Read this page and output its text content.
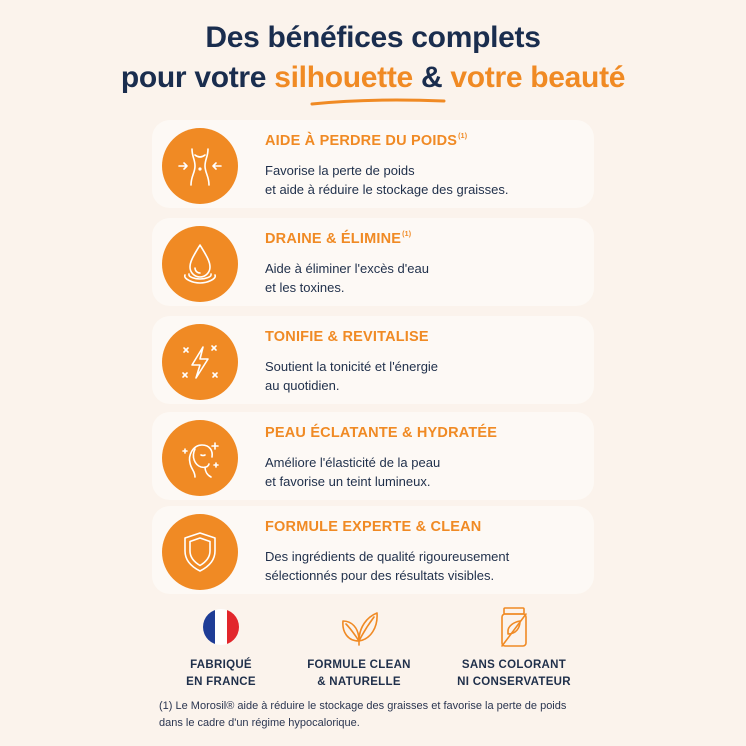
Des bénéfices complets
pour votre silhouette & votre beauté
AIDE À PERDRE DU POIDS$^{(1)}$
Favorise la perte de poids
et aide à réduire le stockage des graisses.
DRAINE & ÉLIMINE$^{(1)}$
Aide à éliminer l'excès d'eau
et les toxines.
TONIFIE & REVITALISE
Soutient la tonicité et l'énergie
au quotidien.
PEAU ÉCLATANTE & HYDRATÉE
Améliore l'élasticité de la peau
et favorise un teint lumineux.
FORMULE EXPERTE & CLEAN
Des ingrédients de qualité rigoureusement
sélectionnés pour des résultats visibles.
FABRIQUÉ
EN FRANCE
FORMULE CLEAN
& NATURELLE
SANS COLORANT
NI CONSERVATEUR
(1) Le Morosil® aide à réduire le stockage des graisses et favorise la perte de poids
dans le cadre d'un régime hypocalorique.
